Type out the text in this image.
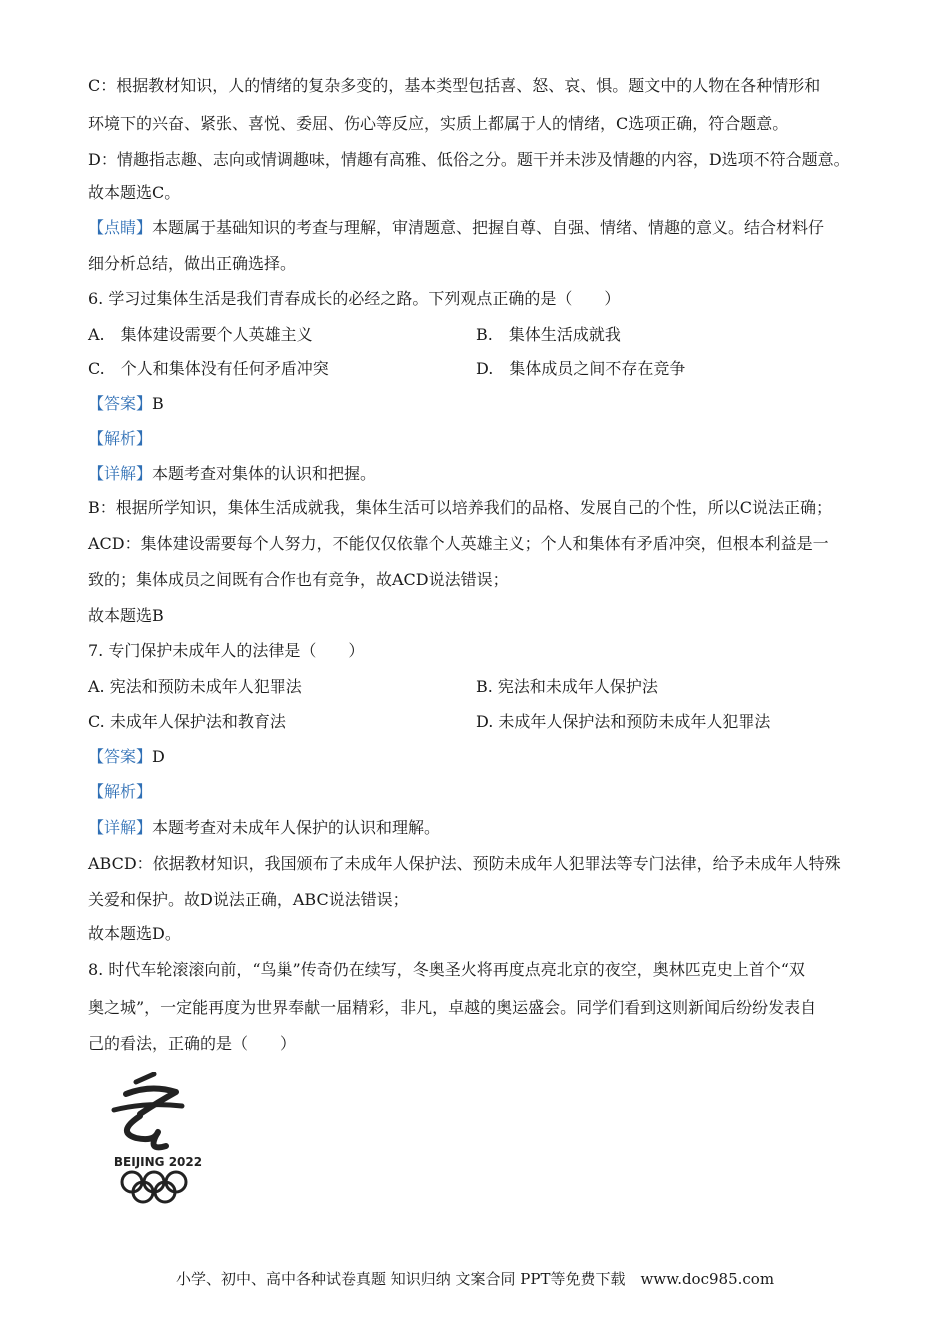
C：根据教材知识，人的情绪的复杂多变的，基本类型包括喜、怒、哀、惧。题文中的人物在各种情形和
环境下的兴奋、紧张、喜悦、委屈、伤心等反应，实质上都属于人的情绪，C选项正确，符合题意。
D：情趣指志趣、志向或情调趣味，情趣有高雅、低俗之分。题干并未涉及情趣的内容，D选项不符合题意。
故本题选C。
【点睛】本题属于基础知识的考查与理解，审清题意、把握自尊、自强、情绪、情趣的意义。结合材料仔
细分析总结，做出正确选择。
6. 学习过集体生活是我们青春成长的必经之路。下列观点正确的是（　　）
A.　集体建设需要个人英雄主义	B.　集体生活成就我
C.　个人和集体没有任何矛盾冲突	D.　集体成员之间不存在竞争
【答案】B
【解析】
【详解】本题考查对集体的认识和把握。
B：根据所学知识，集体生活成就我，集体生活可以培养我们的品格、发展自己的个性，所以C说法正确；
ACD：集体建设需要每个人努力，不能仅仅依靠个人英雄主义；个人和集体有矛盾冲突，但根本利益是一
致的；集体成员之间既有合作也有竞争，故ACD说法错误；
故本题选B
7. 专门保护未成年人的法律是（　　）
A. 宪法和预防未成年人犯罪法	B. 宪法和未成年人保护法
C. 未成年人保护法和教育法	D. 未成年人保护法和预防未成年人犯罪法
【答案】D
【解析】
【详解】本题考查对未成年人保护的认识和理解。
ABCD：依据教材知识，我国颁布了未成年人保护法、预防未成年人犯罪法等专门法律，给予未成年人特殊
关爱和保护。故D说法正确，ABC说法错误；
故本题选D。
8. 时代车轮滚滚向前，“鸟巢”传奇仍在续写，冬奥圣火将再度点亮北京的夜空，奥林匹克史上首个“双
奥之城”，一定能再度为世界奉献一届精彩，非凡，卓越的奥运盛会。同学们看到这则新闻后纷纷发表自
己的看法，正确的是（　　）
BEIJING 2022
小学、初中、高中各种试卷真题 知识归纳 文案合同 PPT等免费下载　www.doc985.com
